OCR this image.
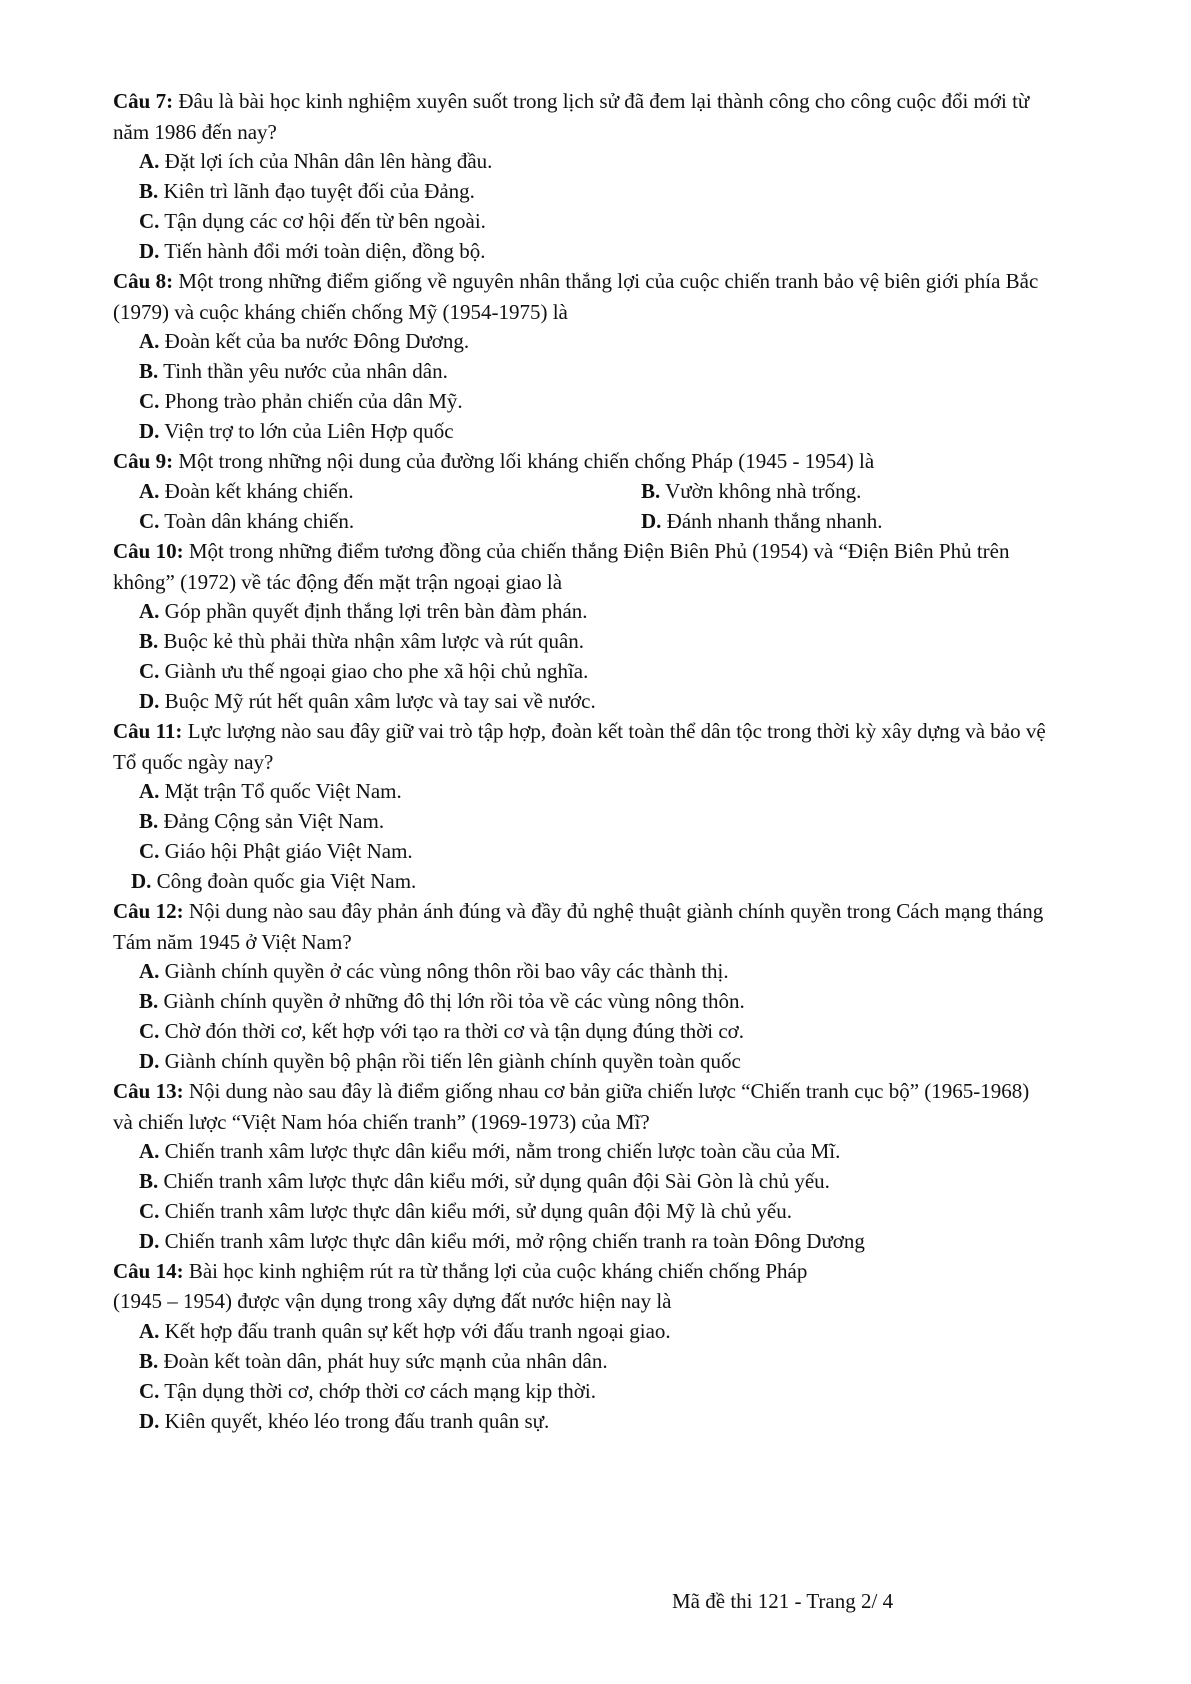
Câu 7: Đâu là bài học kinh nghiệm xuyên suốt trong lịch sử đã đem lại thành công cho công cuộc đổi mới từ năm 1986 đến nay?

A. Đặt lợi ích của Nhân dân lên hàng đầu.
B. Kiên trì lãnh đạo tuyệt đối của Đảng.
C. Tận dụng các cơ hội đến từ bên ngoài.
D. Tiến hành đổi mới toàn diện, đồng bộ.

Câu 8: Một trong những điểm giống về nguyên nhân thắng lợi của cuộc chiến tranh bảo vệ biên giới phía Bắc (1979) và cuộc kháng chiến chống Mỹ (1954-1975) là

A. Đoàn kết của ba nước Đông Dương.
B. Tinh thần yêu nước của nhân dân.
C. Phong trào phản chiến của dân Mỹ.
D. Viện trợ to lớn của Liên Hợp quốc

Câu 9: Một trong những nội dung của đường lối kháng chiến chống Pháp (1945 - 1954) là

A. Đoàn kết kháng chiến.	B. Vườn không nhà trống.
C. Toàn dân kháng chiến.	D. Đánh nhanh thắng nhanh.

Câu 10: Một trong những điểm tương đồng của chiến thắng Điện Biên Phủ (1954) và “Điện Biên Phủ trên không” (1972) về tác động đến mặt trận ngoại giao là

A. Góp phần quyết định thắng lợi trên bàn đàm phán.
B. Buộc kẻ thù phải thừa nhận xâm lược và rút quân.
C. Giành ưu thế ngoại giao cho phe xã hội chủ nghĩa.
D. Buộc Mỹ rút hết quân xâm lược và tay sai về nước.

Câu 11: Lực lượng nào sau đây giữ vai trò tập hợp, đoàn kết toàn thể dân tộc trong thời kỳ xây dựng và bảo vệ Tổ quốc ngày nay?

A. Mặt trận Tổ quốc Việt Nam.
B. Đảng Cộng sản Việt Nam.
C. Giáo hội Phật giáo Việt Nam.
D. Công đoàn quốc gia Việt Nam.

Câu 12: Nội dung nào sau đây phản ánh đúng và đầy đủ nghệ thuật giành chính quyền trong Cách mạng tháng Tám năm 1945 ở Việt Nam?

A. Giành chính quyền ở các vùng nông thôn rồi bao vây các thành thị.
B. Giành chính quyền ở những đô thị lớn rồi tỏa về các vùng nông thôn.
C. Chờ đón thời cơ, kết hợp với tạo ra thời cơ và tận dụng đúng thời cơ.
D. Giành chính quyền bộ phận rồi tiến lên giành chính quyền toàn quốc

Câu 13: Nội dung nào sau đây là điểm giống nhau cơ bản giữa chiến lược “Chiến tranh cục bộ” (1965-1968) và chiến lược “Việt Nam hóa chiến tranh” (1969-1973) của Mĩ?

A. Chiến tranh xâm lược thực dân kiểu mới, nằm trong chiến lược toàn cầu của Mĩ.
B. Chiến tranh xâm lược thực dân kiểu mới, sử dụng quân đội Sài Gòn là chủ yếu.
C. Chiến tranh xâm lược thực dân kiểu mới, sử dụng quân đội Mỹ là chủ yếu.
D. Chiến tranh xâm lược thực dân kiểu mới, mở rộng chiến tranh ra toàn Đông Dương

Câu 14: Bài học kinh nghiệm rút ra từ thắng lợi của cuộc kháng chiến chống Pháp

(1945 – 1954) được vận dụng trong xây dựng đất nước hiện nay là

A. Kết hợp đấu tranh quân sự kết hợp với đấu tranh ngoại giao.
B. Đoàn kết toàn dân, phát huy sức mạnh của nhân dân.
C. Tận dụng thời cơ, chớp thời cơ cách mạng kịp thời.
D. Kiên quyết, khéo léo trong đấu tranh quân sự.
Mã đề thi 121 - Trang 2/ 4
